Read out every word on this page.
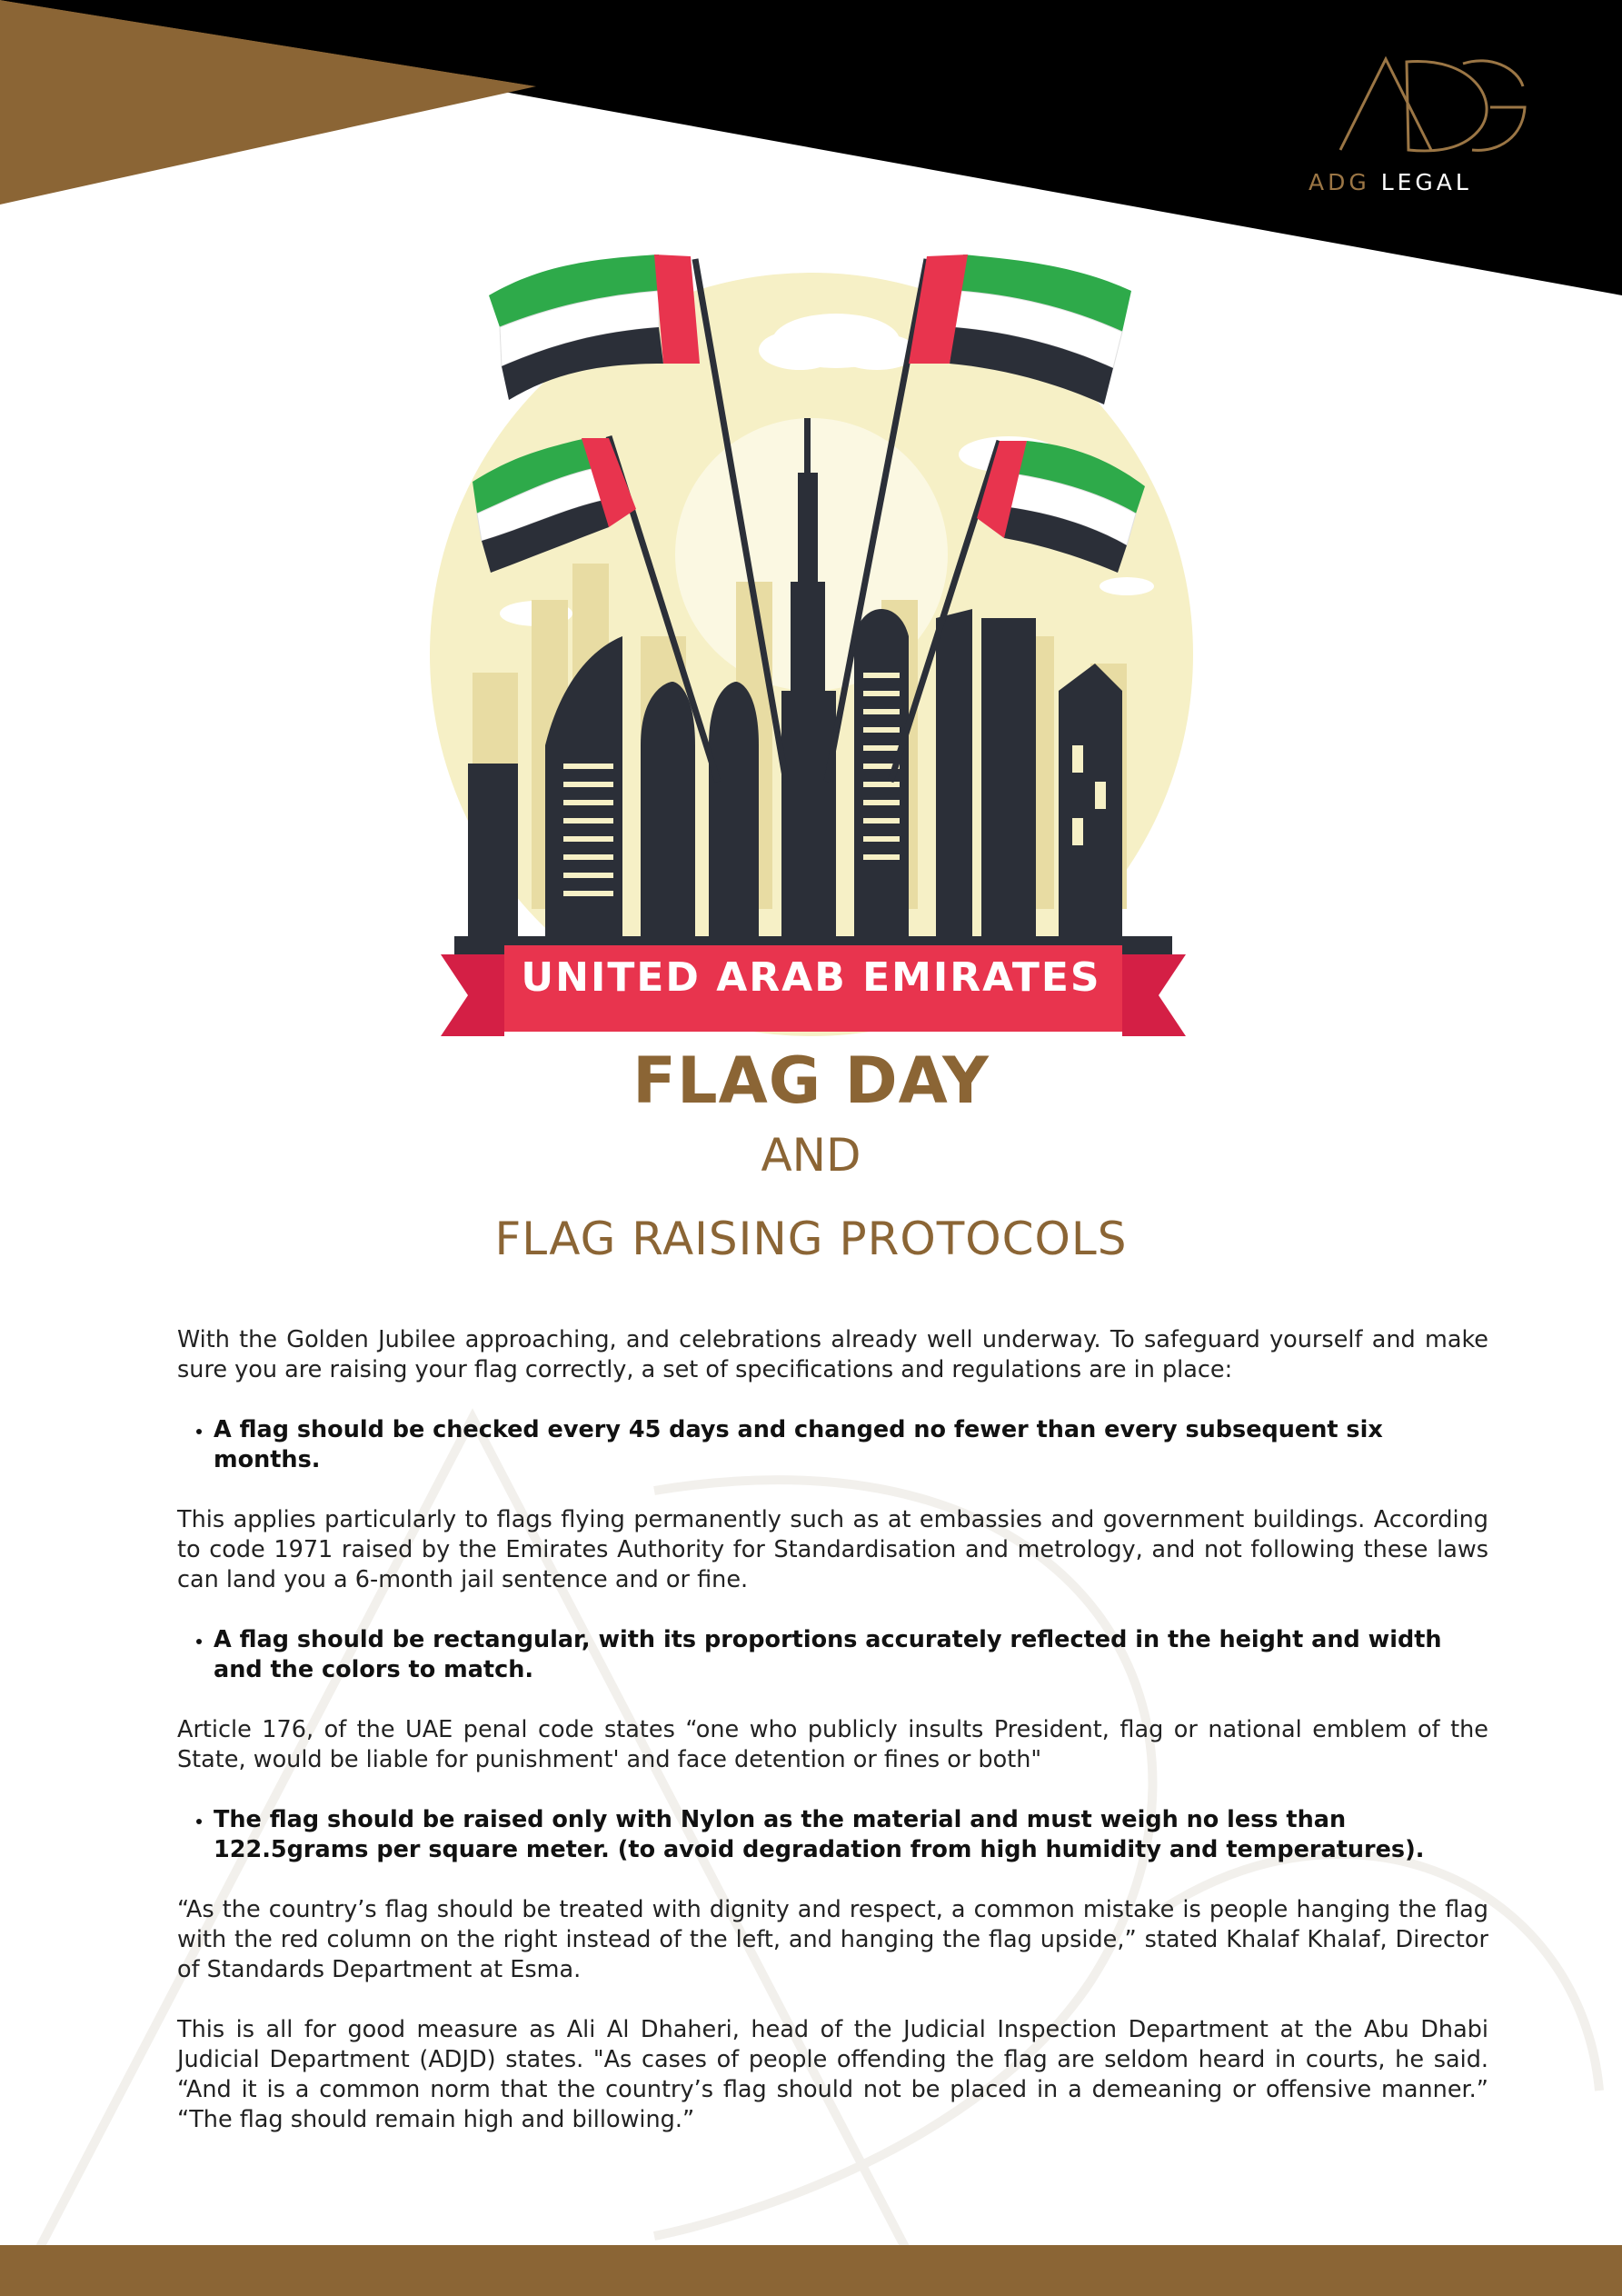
ADG LEGAL
UNITED ARAB EMIRATES
FLAG DAY
AND
FLAG RAISING PROTOCOLS

With the Golden Jubilee approaching, and celebrations already well underway. To safeguard yourself and make sure you are raising your flag correctly, a set of specifications and regulations are in place:

• A flag should be checked every 45 days and changed no fewer than every subsequent six months.

This applies particularly to flags flying permanently such as at embassies and government buildings. According to code 1971 raised by the Emirates Authority for Standardisation and metrology, and not following these laws can land you a 6-month jail sentence and or fine.

• A flag should be rectangular, with its proportions accurately reflected in the height and width and the colors to match.

Article 176, of the UAE penal code states “one who publicly insults President, flag or national emblem of the State, would be liable for punishment' and face detention or fines or both"

• The flag should be raised only with Nylon as the material and must weigh no less than 122.5grams per square meter. (to avoid degradation from high humidity and temperatures).

“As the country’s flag should be treated with dignity and respect, a common mistake is people hanging the flag with the red column on the right instead of the left, and hanging the flag upside,” stated Khalaf Khalaf, Director of Standards Department at Esma.

This is all for good measure as Ali Al Dhaheri, head of the Judicial Inspection Department at the Abu Dhabi Judicial Department (ADJD) states. "As cases of people offending the flag are seldom heard in courts, he said. “And it is a common norm that the country’s flag should not be placed in a demeaning or offensive manner.” “The flag should remain high and billowing.”
